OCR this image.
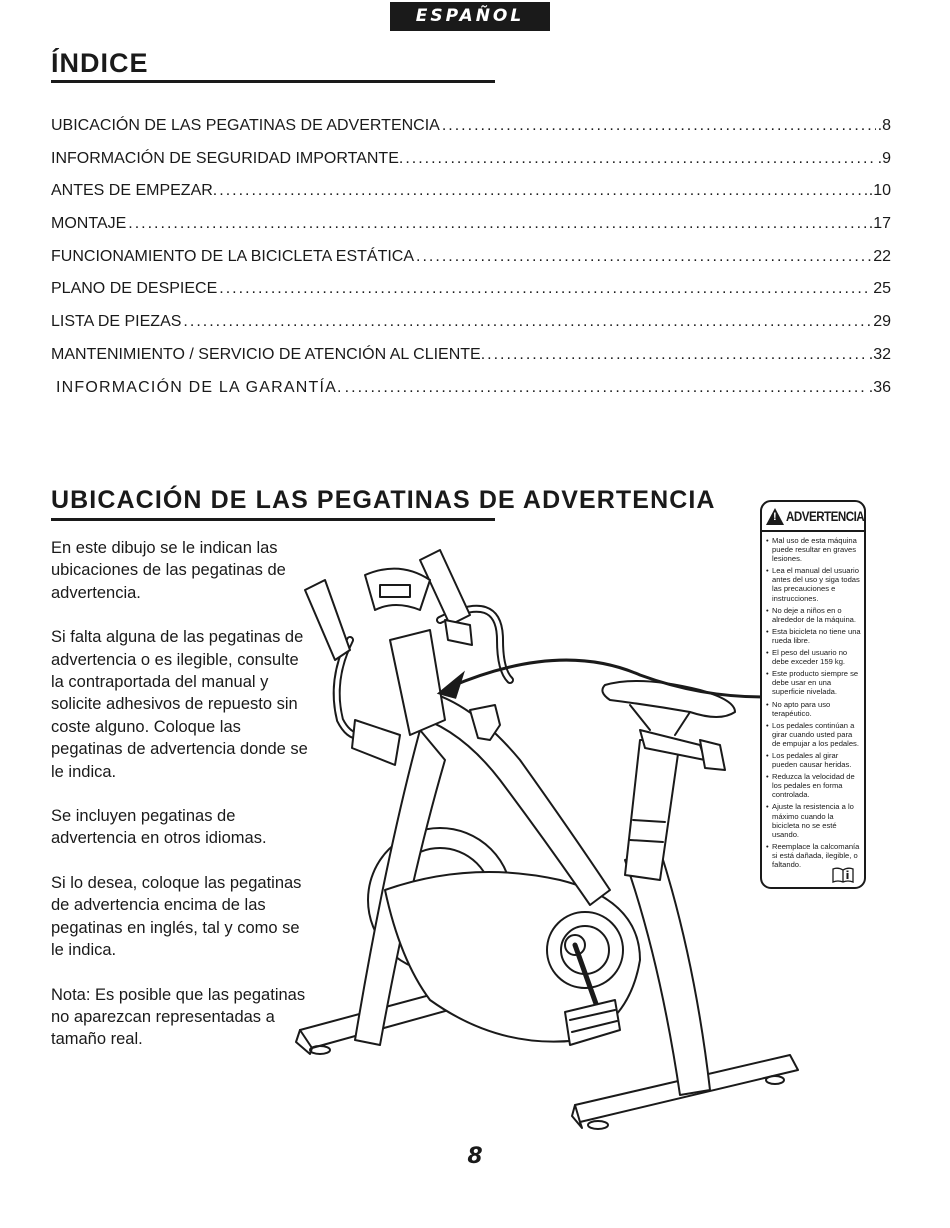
ESPAÑOL
ÍNDICE
UBICACIÓN DE LAS PEGATINAS DE ADVERTENCIA .....	.8
INFORMACIÓN DE SEGURIDAD IMPORTANTE. .....	.9
ANTES DE EMPEZAR. .....	.10
MONTAJE .....	.17
FUNCIONAMIENTO DE LA BICICLETA ESTÁTICA .....	22
PLANO DE DESPIECE .....	25
LISTA DE PIEZAS .....	29
MANTENIMIENTO / SERVICIO DE ATENCIÓN AL CLIENTE. .....	.32
INFORMACIÓN DE LA GARANTÍA. .....	.36
UBICACIÓN DE LAS PEGATINAS DE ADVERTENCIA

En este dibujo se le indican las ubicaciones de las pegatinas de advertencia.

Si falta alguna de las pegatinas de advertencia o es ilegible, consulte la contraportada del manual y solicite adhesivos de repuesto sin coste alguno. Coloque las pegatinas de advertencia donde se le indica.

Se incluyen pegatinas de advertencia en otros idiomas.

Si lo desea, coloque las pegatinas de advertencia encima de las pegatinas en inglés, tal y como se le indica.

Nota: Es posible que las pegatinas no aparezcan representadas a tamaño real.

! ADVERTENCIA
• Mal uso de esta máquina puede resultar en graves lesiones.
• Lea el manual del usuario antes del uso y siga todas las precauciones e instrucciones.
• No deje a niños en o alrededor de la máquina.
• Esta bicicleta no tiene una rueda libre.
• El peso del usuario no debe exceder 159 kg.
• Este producto siempre se debe usar en una superficie nivelada.
• No apto para uso terapéutico.
• Los pedales continúan a girar cuando usted para de empujar a los pedales.
• Los pedales al girar pueden causar heridas.
• Reduzca la velocidad de los pedales en forma controlada.
• Ajuste la resistencia a lo máximo cuando la bicicleta no se esté usando.
• Reemplace la calcomanía si está dañada, ilegible, o faltando.
8
